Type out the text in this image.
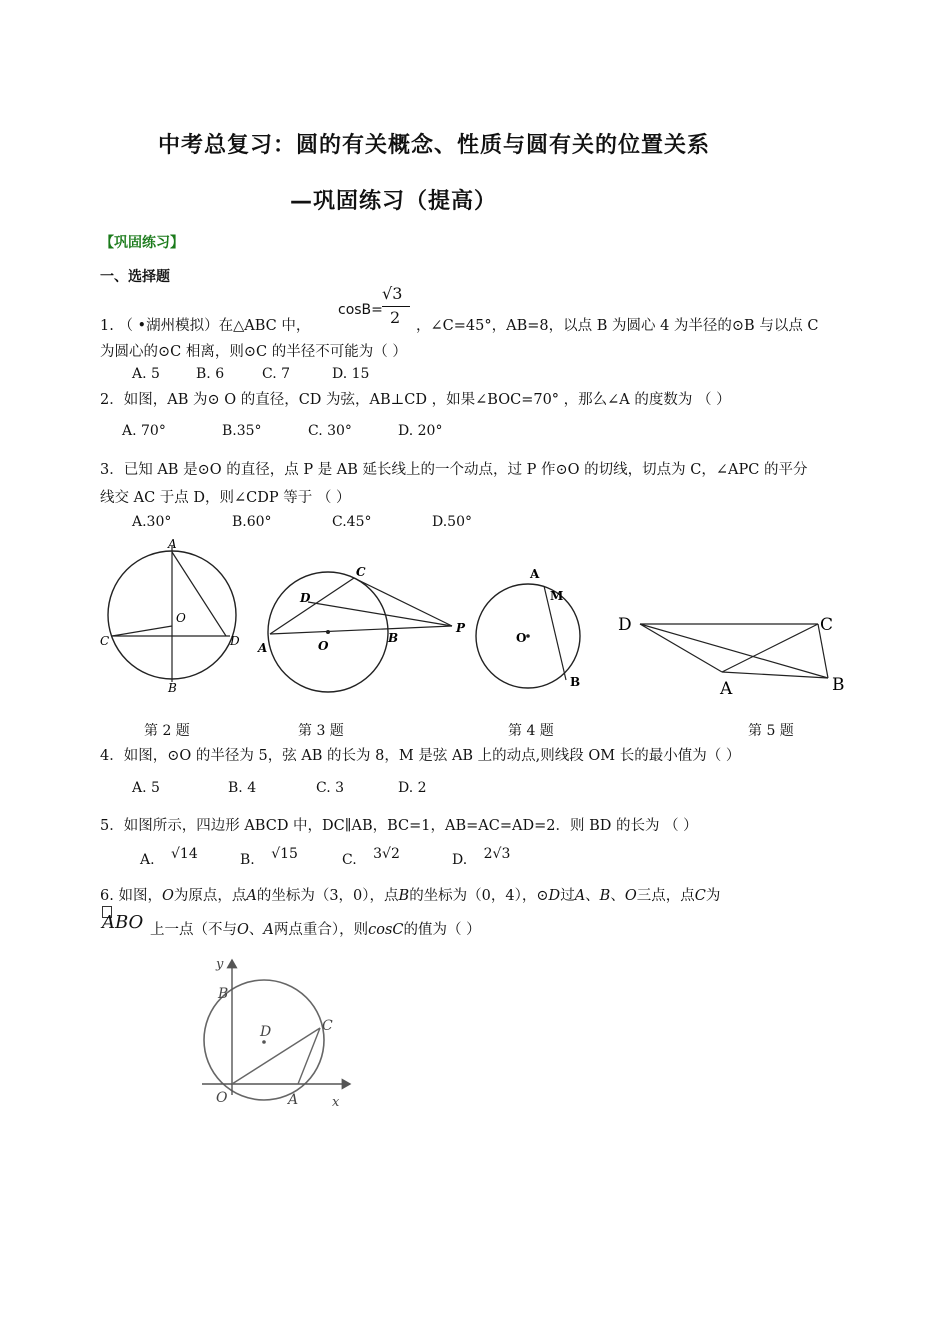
中考总复习：圆的有关概念、性质与圆有关的位置关系
—巩固练习（提高）
【巩固练习】
一、选择题
1. （ •湖州模拟）在△ABC 中，
cosB=
√3
2 ，∠C=45°，AB=8，以点 B 为圆心 4 为半径的⊙B 与以点 C
为圆心的⊙C 相离，则⊙C 的半径不可能为（ ）
A. 5	B. 6	C. 7	D. 15
2．如图，AB 为⊙ O 的直径，CD 为弦，AB⊥CD ，如果∠BOC=70° ，那么∠A 的度数为 （ ）
A. 70°	B.35°	C. 30°	D. 20°
3．已知 AB 是⊙O 的直径，点 P 是 AB 延长线上的一个动点，过 P 作⊙O 的切线，切点为 C，∠APC 的平分
线交 AC 于点 D，则∠CDP 等于 （ ）
A.30°	B.60°	C.45°	D.50°
A
O
C	D
B
C
D
A	O
B
P
A
M
O
B
D	C
A	B
第 2 题	第 3 题	第 4 题	第 5 题
4．如图，⊙O 的半径为 5，弦 AB 的长为 8，M 是弦 AB 上的动点,则线段 OM 长的最小值为（ ）
A. 5	B. 4	C. 3	D. 2
5．如图所示，四边形 ABCD 中，DC∥AB，BC=1，AB=AC=AD=2．则 BD 的长为 （ ）
A. √14	B. √15	C. 3√2	D. 2√3
6. 如图，O为原点，点A的坐标为（3，0），点B的坐标为（0，4），⊙D过A、B、O三点，点C为
ABO 上一点（不与O、A两点重合），则cosC的值为（ ）
y
B
D	C
O	A	x
